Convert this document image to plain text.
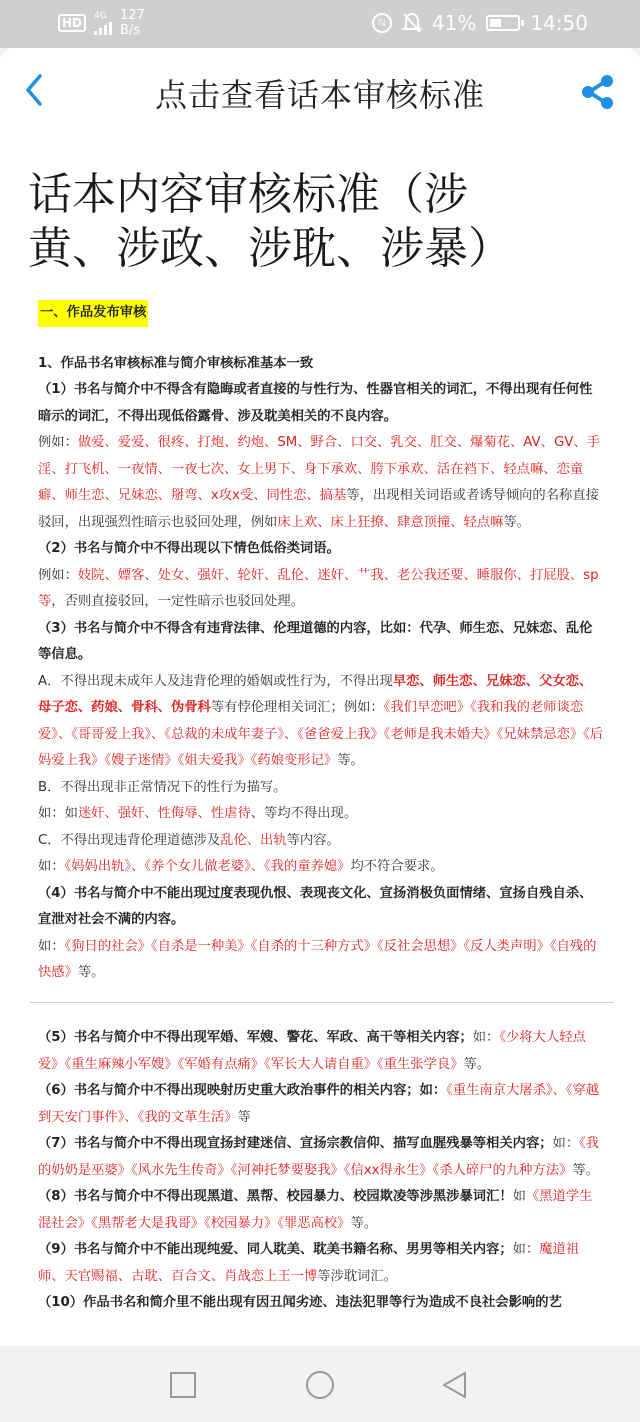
HD	4G	127
B/s	ℕ	41%	14:50
点击查看话本审核标准
话本内容审核标准（涉黄、涉政、涉耽、涉暴）
一、作品发布审核

1、作品书名审核标准与简介审核标准基本一致

（1）书名与简介中不得含有隐晦或者直接的与性行为、性器官相关的词汇，不得出现有任何性暗示的词汇，不得出现低俗露骨、涉及耽美相关的不良内容。

例如：做爱、爱爱、很疼、打炮、约炮、SM、野合、口交、乳交、肛交、爆菊花、AV、GV、手淫、打飞机、一夜情、一夜七次、女上男下、身下承欢、胯下承欢、活在裆下、轻点嘛、恋童癖、师生恋、兄妹恋、掰弯、x攻x受、同性恋、搞基等，出现相关词语或者诱导倾向的名称直接驳回，出现强烈性暗示也驳回处理，例如床上欢、床上狂撩、肆意顶撞、轻点嘛等。

（2）书名与简介中不得出现以下情色低俗类词语。

例如：妓院、嫖客、处女、强奸、轮奸、乱伦、迷奸、艹我、老公我还要、睡服你、打屁股、sp等，否则直接驳回，一定性暗示也驳回处理。

（3）书名与简介中不得含有违背法律、伦理道德的内容，比如：代孕、师生恋、兄妹恋、乱伦等信息。

A．不得出现未成年人及违背伦理的婚姻或性行为，不得出现早恋、师生恋、兄妹恋、父女恋、母子恋、药娘、骨科、伪骨科等有悖伦理相关词汇；例如：《我们早恋吧》《我和我的老师谈恋爱》、《哥哥爱上我》、《总裁的未成年妻子》、《爸爸爱上我》《老师是我未婚夫》《兄妹禁忌恋》《后妈爱上我》《嫂子迷情》《姐夫爱我》《药娘变形记》等。

B．不得出现非正常情况下的性行为描写。

如：如迷奸、强奸、性侮辱、性虐待、等均不得出现。

C．不得出现违背伦理道德涉及乱伦、出轨等内容。

如：《妈妈出轨》、《养个女儿做老婆》、《我的童养媳》均不符合要求。

（4）书名与简介中不能出现过度表现仇恨、表现丧文化、宣扬消极负面情绪、宣扬自残自杀、宣泄对社会不满的内容。

如：《狗日的社会》《自杀是一种美》《自杀的十三种方式》《反社会思想》《反人类声明》《自残的快感》等。

（5）书名与简介中不得出现军婚、军嫂、警花、军政、高干等相关内容；如：《少将大人轻点爱》《重生麻辣小军嫂》《军婚有点痛》《军长大人请自重》《重生张学良》等。

（6）书名与简介中不得出现映射历史重大政治事件的相关内容；如：《重生南京大屠杀》、《穿越到天安门事件》、《我的文革生活》等

（7）书名与简介中不得出现宣扬封建迷信、宣扬宗教信仰、描写血腥残暴等相关内容；如：《我的奶奶是巫婆》《风水先生传奇》《河神托梦要娶我》《信xx得永生》《杀人碎尸的九种方法》等。

（8）书名与简介中不得出现黑道、黑帮、校园暴力、校园欺凌等涉黑涉暴词汇！如《黑道学生混社会》《黑帮老大是我哥》《校园暴力》《罪恶高校》等。

（9）书名与简介中不能出现纯爱、同人耽美、耽美书籍名称、男男等相关内容；如：魔道祖师、天官赐福、古耽、百合文、肖战恋上王一博等涉耽词汇。

（10）作品书名和简介里不能出现有因丑闻劣迹、违法犯罪等行为造成不良社会影响的艺
